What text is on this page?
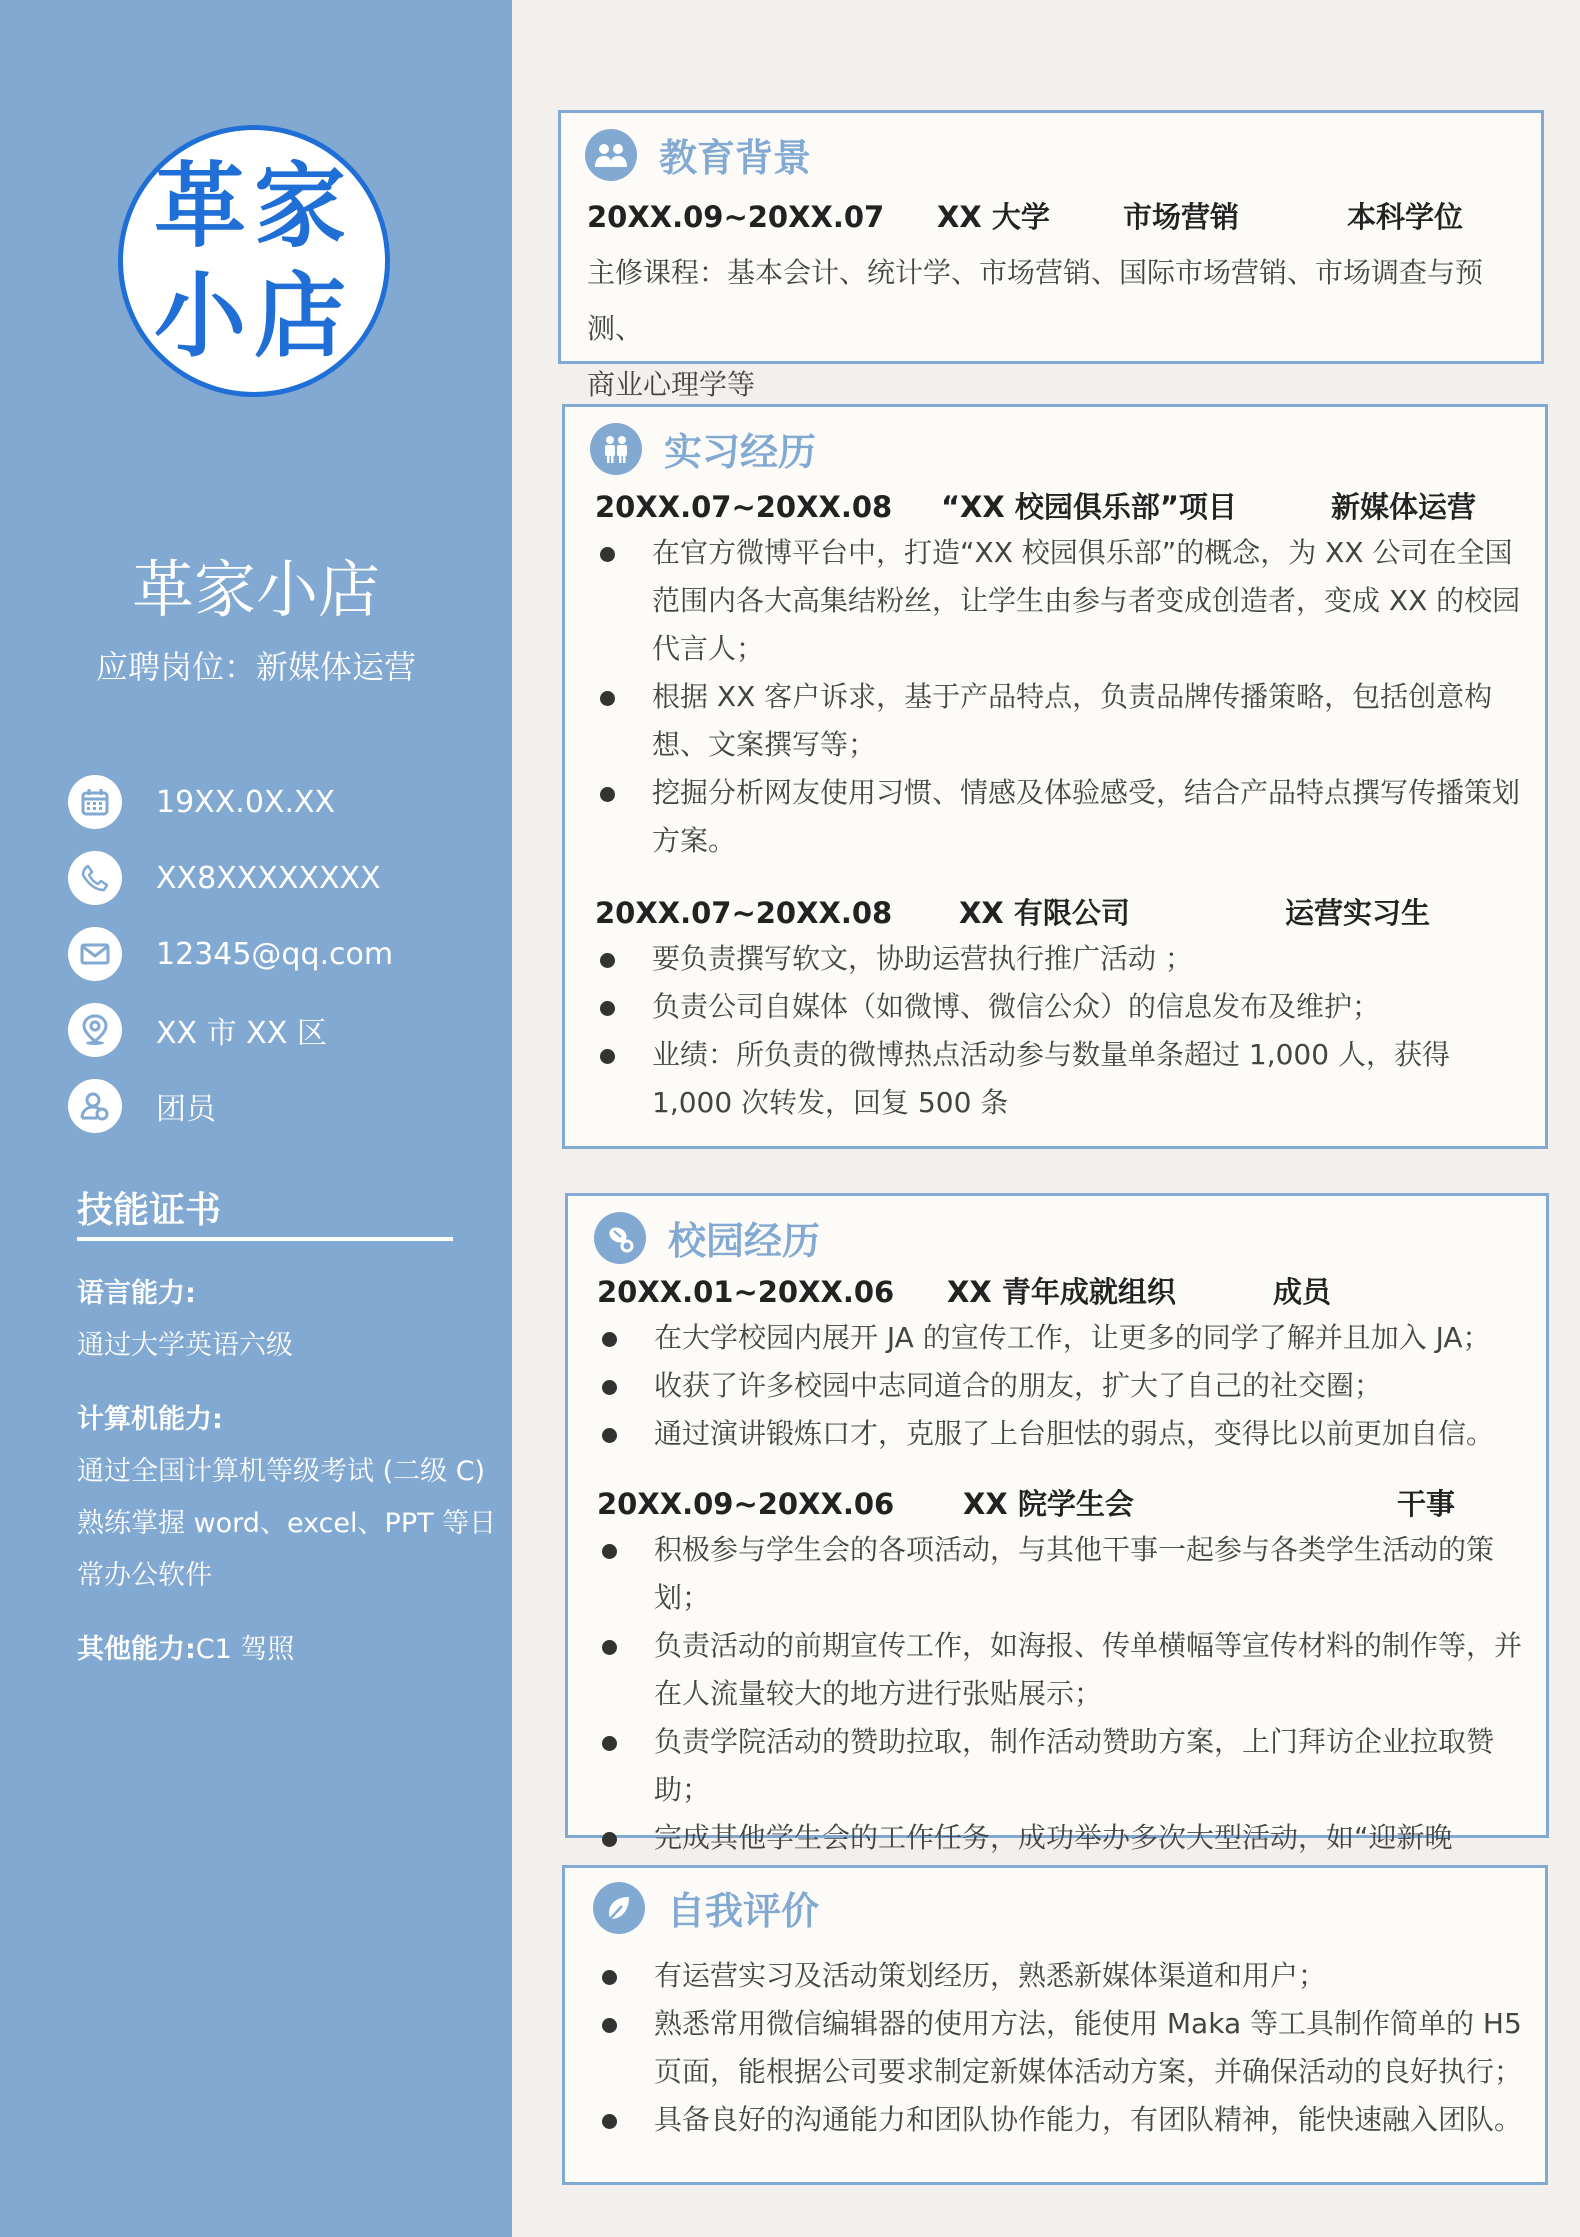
革家
小店
革家小店
应聘岗位：新媒体运营
19XX.0X.XX
XX8XXXXXXXX
12345@qq.com
XX 市 XX 区
团员
技能证书
语言能力:
通过大学英语六级
计算机能力:
通过全国计算机等级考试 (二级 C)
熟练掌握 word、excel、PPT 等日
常办公软件
其他能力:C1 驾照
教育背景
20XX.09~20XX.07 XX 大学	市场营销	本科学位
主修课程：基本会计、统计学、市场营销、国际市场营销、市场调查与预测、
商业心理学等
实习经历
20XX.07~20XX.08 “XX 校园俱乐部”项目	新媒体运营
在官方微博平台中，打造“XX 校园俱乐部”的概念，为 XX 公司在全国范围内各大高集结粉丝，让学生由参与者变成创造者，变成 XX 的校园代言人；
根据 XX 客户诉求，基于产品特点，负责品牌传播策略，包括创意构想、文案撰写等；
挖掘分析网友使用习惯、情感及体验感受，结合产品特点撰写传播策划方案。
20XX.07~20XX.08 XX 有限公司	运营实习生
要负责撰写软文，协助运营执行推广活动 ；
负责公司自媒体（如微博、微信公众）的信息发布及维护；
业绩：所负责的微博热点活动参与数量单条超过 1,000 人，获得 1,000 次转发，回复 500 条
校园经历
20XX.01~20XX.06 XX 青年成就组织	成员
在大学校园内展开 JA 的宣传工作，让更多的同学了解并且加入 JA；
收获了许多校园中志同道合的朋友，扩大了自己的社交圈；
通过演讲锻炼口才，克服了上台胆怯的弱点，变得比以前更加自信。
20XX.09~20XX.06 XX 院学生会	干事
积极参与学生会的各项活动，与其他干事一起参与各类学生活动的策划；
负责活动的前期宣传工作，如海报、传单横幅等宣传材料的制作等，并在人流量较大的地方进行张贴展示；
负责学院活动的赞助拉取，制作活动赞助方案，上门拜访企业拉取赞助；
完成其他学生会的工作任务，成功举办多次大型活动，如“迎新晚
自我评价
有运营实习及活动策划经历，熟悉新媒体渠道和用户；
熟悉常用微信编辑器的使用方法，能使用 Maka 等工具制作简单的 H5 页面，能根据公司要求制定新媒体活动方案，并确保活动的良好执行；
具备良好的沟通能力和团队协作能力，有团队精神，能快速融入团队。
